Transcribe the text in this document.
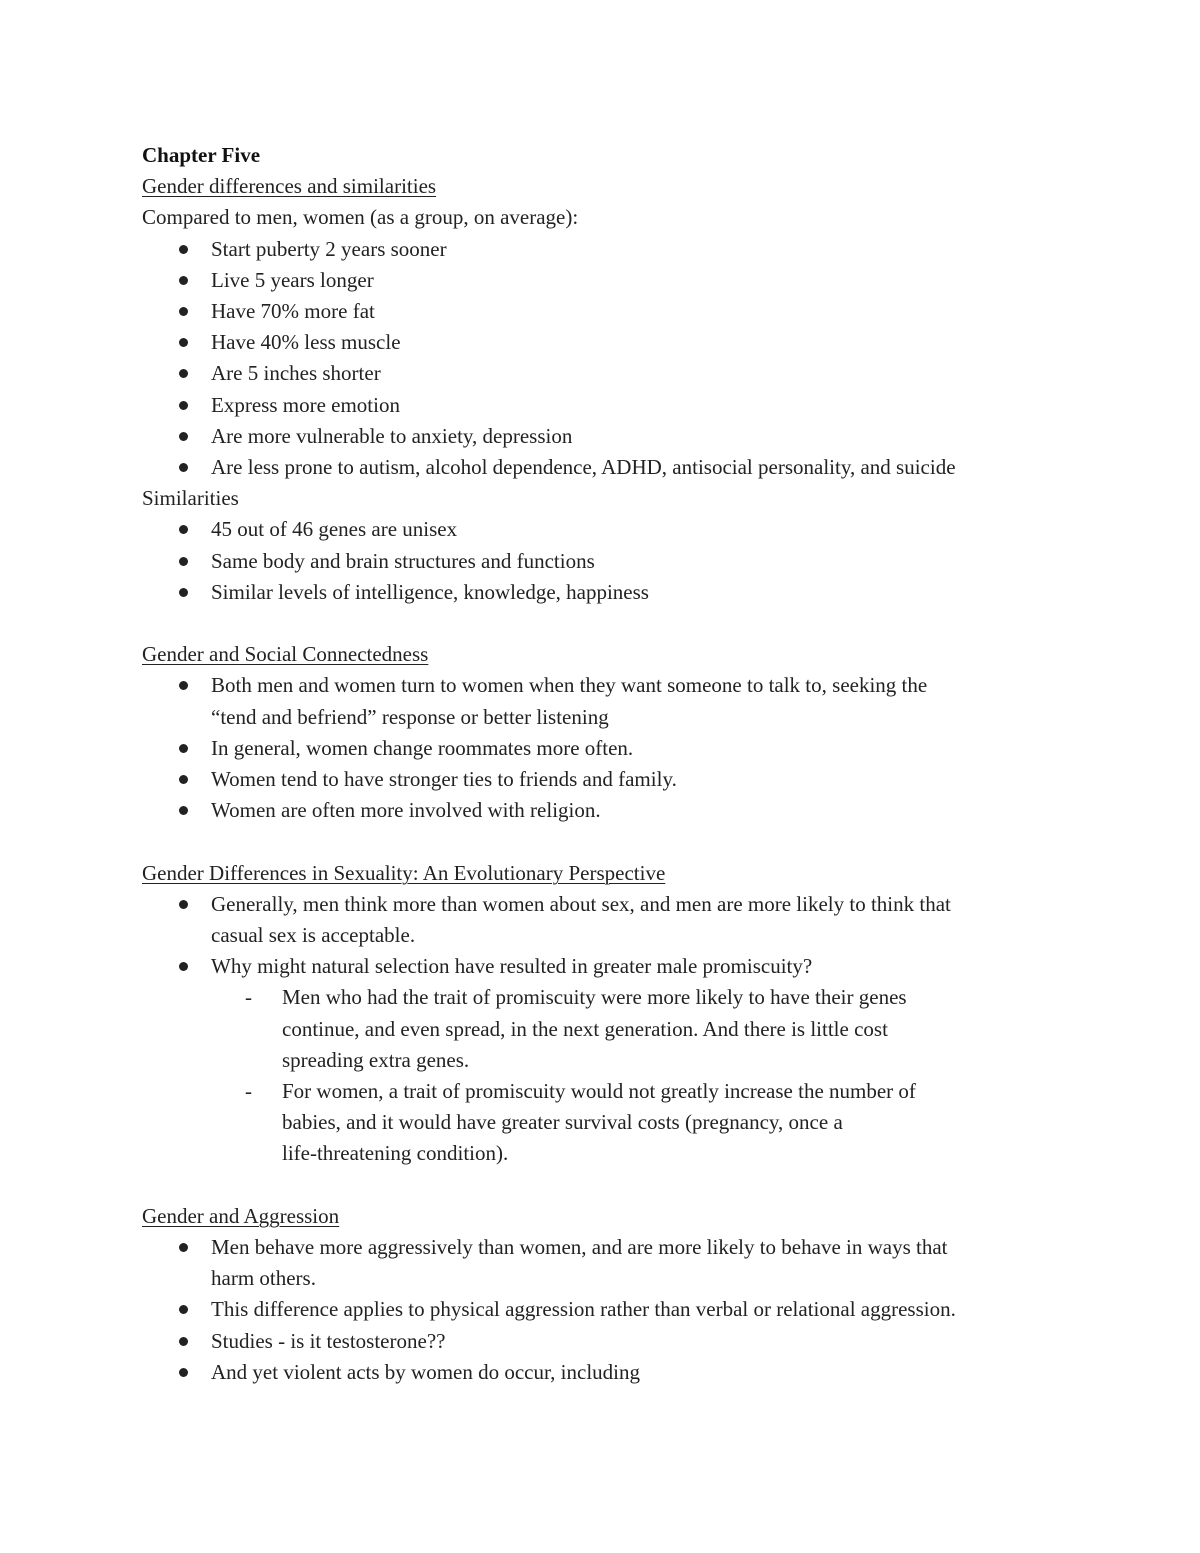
Chapter Five
Gender differences and similarities
Compared to men, women (as a group, on average):
Start puberty 2 years sooner
Live 5 years longer
Have 70% more fat
Have 40% less muscle
Are 5 inches shorter
Express more emotion
Are more vulnerable to anxiety, depression
Are less prone to autism, alcohol dependence, ADHD, antisocial personality, and suicide
Similarities
45 out of 46 genes are unisex
Same body and brain structures and functions
Similar levels of intelligence, knowledge, happiness
Gender and Social Connectedness
Both men and women turn to women when they want someone to talk to, seeking the
“tend and befriend” response or better listening
In general, women change roommates more often.
Women tend to have stronger ties to friends and family.
Women are often more involved with religion.
Gender Differences in Sexuality: An Evolutionary Perspective
Generally, men think more than women about sex, and men are more likely to think that
casual sex is acceptable.
Why might natural selection have resulted in greater male promiscuity?
- Men who had the trait of promiscuity were more likely to have their genes
continue, and even spread, in the next generation. And there is little cost
spreading extra genes.
- For women, a trait of promiscuity would not greatly increase the number of
babies, and it would have greater survival costs (pregnancy, once a
life-threatening condition).
Gender and Aggression
Men behave more aggressively than women, and are more likely to behave in ways that
harm others.
This difference applies to physical aggression rather than verbal or relational aggression.
Studies - is it testosterone??
And yet violent acts by women do occur, including
